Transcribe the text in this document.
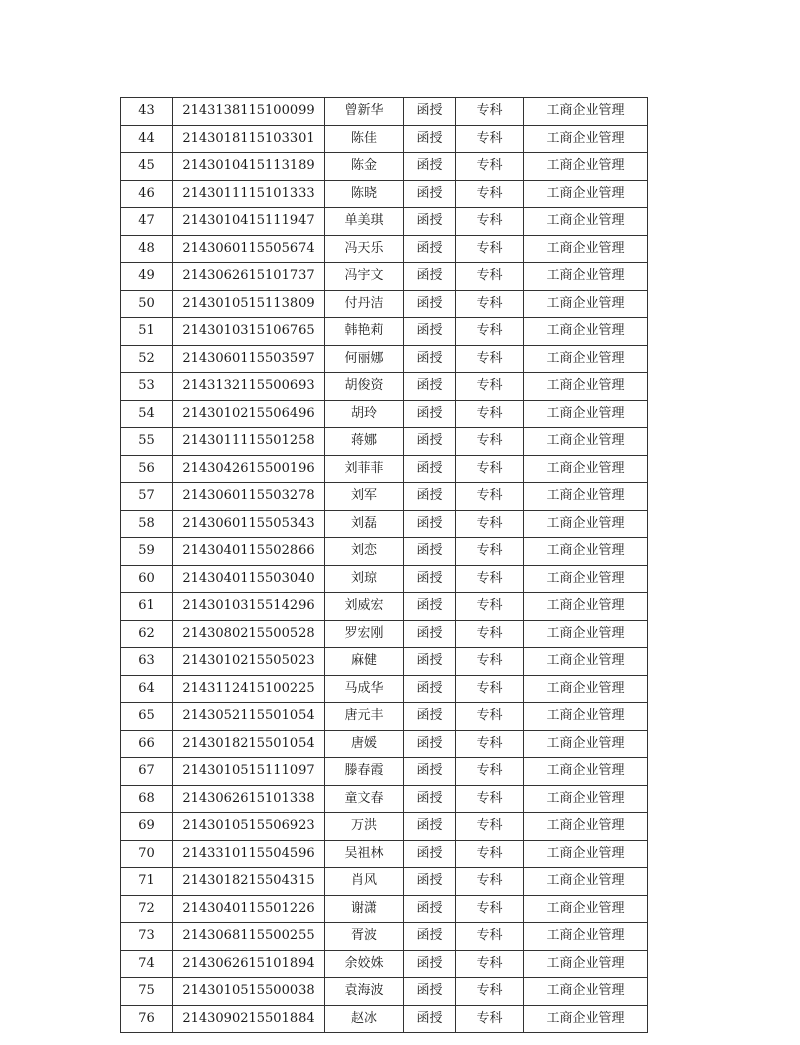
43	2143138115100099	曾新华	函授	专科	工商企业管理
44	2143018115103301	陈佳	函授	专科	工商企业管理
45	2143010415113189	陈金	函授	专科	工商企业管理
46	2143011115101333	陈晓	函授	专科	工商企业管理
47	2143010415111947	单美琪	函授	专科	工商企业管理
48	2143060115505674	冯天乐	函授	专科	工商企业管理
49	2143062615101737	冯宇文	函授	专科	工商企业管理
50	2143010515113809	付丹洁	函授	专科	工商企业管理
51	2143010315106765	韩艳莉	函授	专科	工商企业管理
52	2143060115503597	何丽娜	函授	专科	工商企业管理
53	2143132115500693	胡俊资	函授	专科	工商企业管理
54	2143010215506496	胡玲	函授	专科	工商企业管理
55	2143011115501258	蒋娜	函授	专科	工商企业管理
56	2143042615500196	刘菲菲	函授	专科	工商企业管理
57	2143060115503278	刘军	函授	专科	工商企业管理
58	2143060115505343	刘磊	函授	专科	工商企业管理
59	2143040115502866	刘恋	函授	专科	工商企业管理
60	2143040115503040	刘琼	函授	专科	工商企业管理
61	2143010315514296	刘威宏	函授	专科	工商企业管理
62	2143080215500528	罗宏刚	函授	专科	工商企业管理
63	2143010215505023	麻健	函授	专科	工商企业管理
64	2143112415100225	马成华	函授	专科	工商企业管理
65	2143052115501054	唐元丰	函授	专科	工商企业管理
66	2143018215501054	唐媛	函授	专科	工商企业管理
67	2143010515111097	滕春霞	函授	专科	工商企业管理
68	2143062615101338	童文春	函授	专科	工商企业管理
69	2143010515506923	万洪	函授	专科	工商企业管理
70	2143310115504596	吴祖林	函授	专科	工商企业管理
71	2143018215504315	肖风	函授	专科	工商企业管理
72	2143040115501226	谢潇	函授	专科	工商企业管理
73	2143068115500255	胥波	函授	专科	工商企业管理
74	2143062615101894	余姣姝	函授	专科	工商企业管理
75	2143010515500038	袁海波	函授	专科	工商企业管理
76	2143090215501884	赵冰	函授	专科	工商企业管理
